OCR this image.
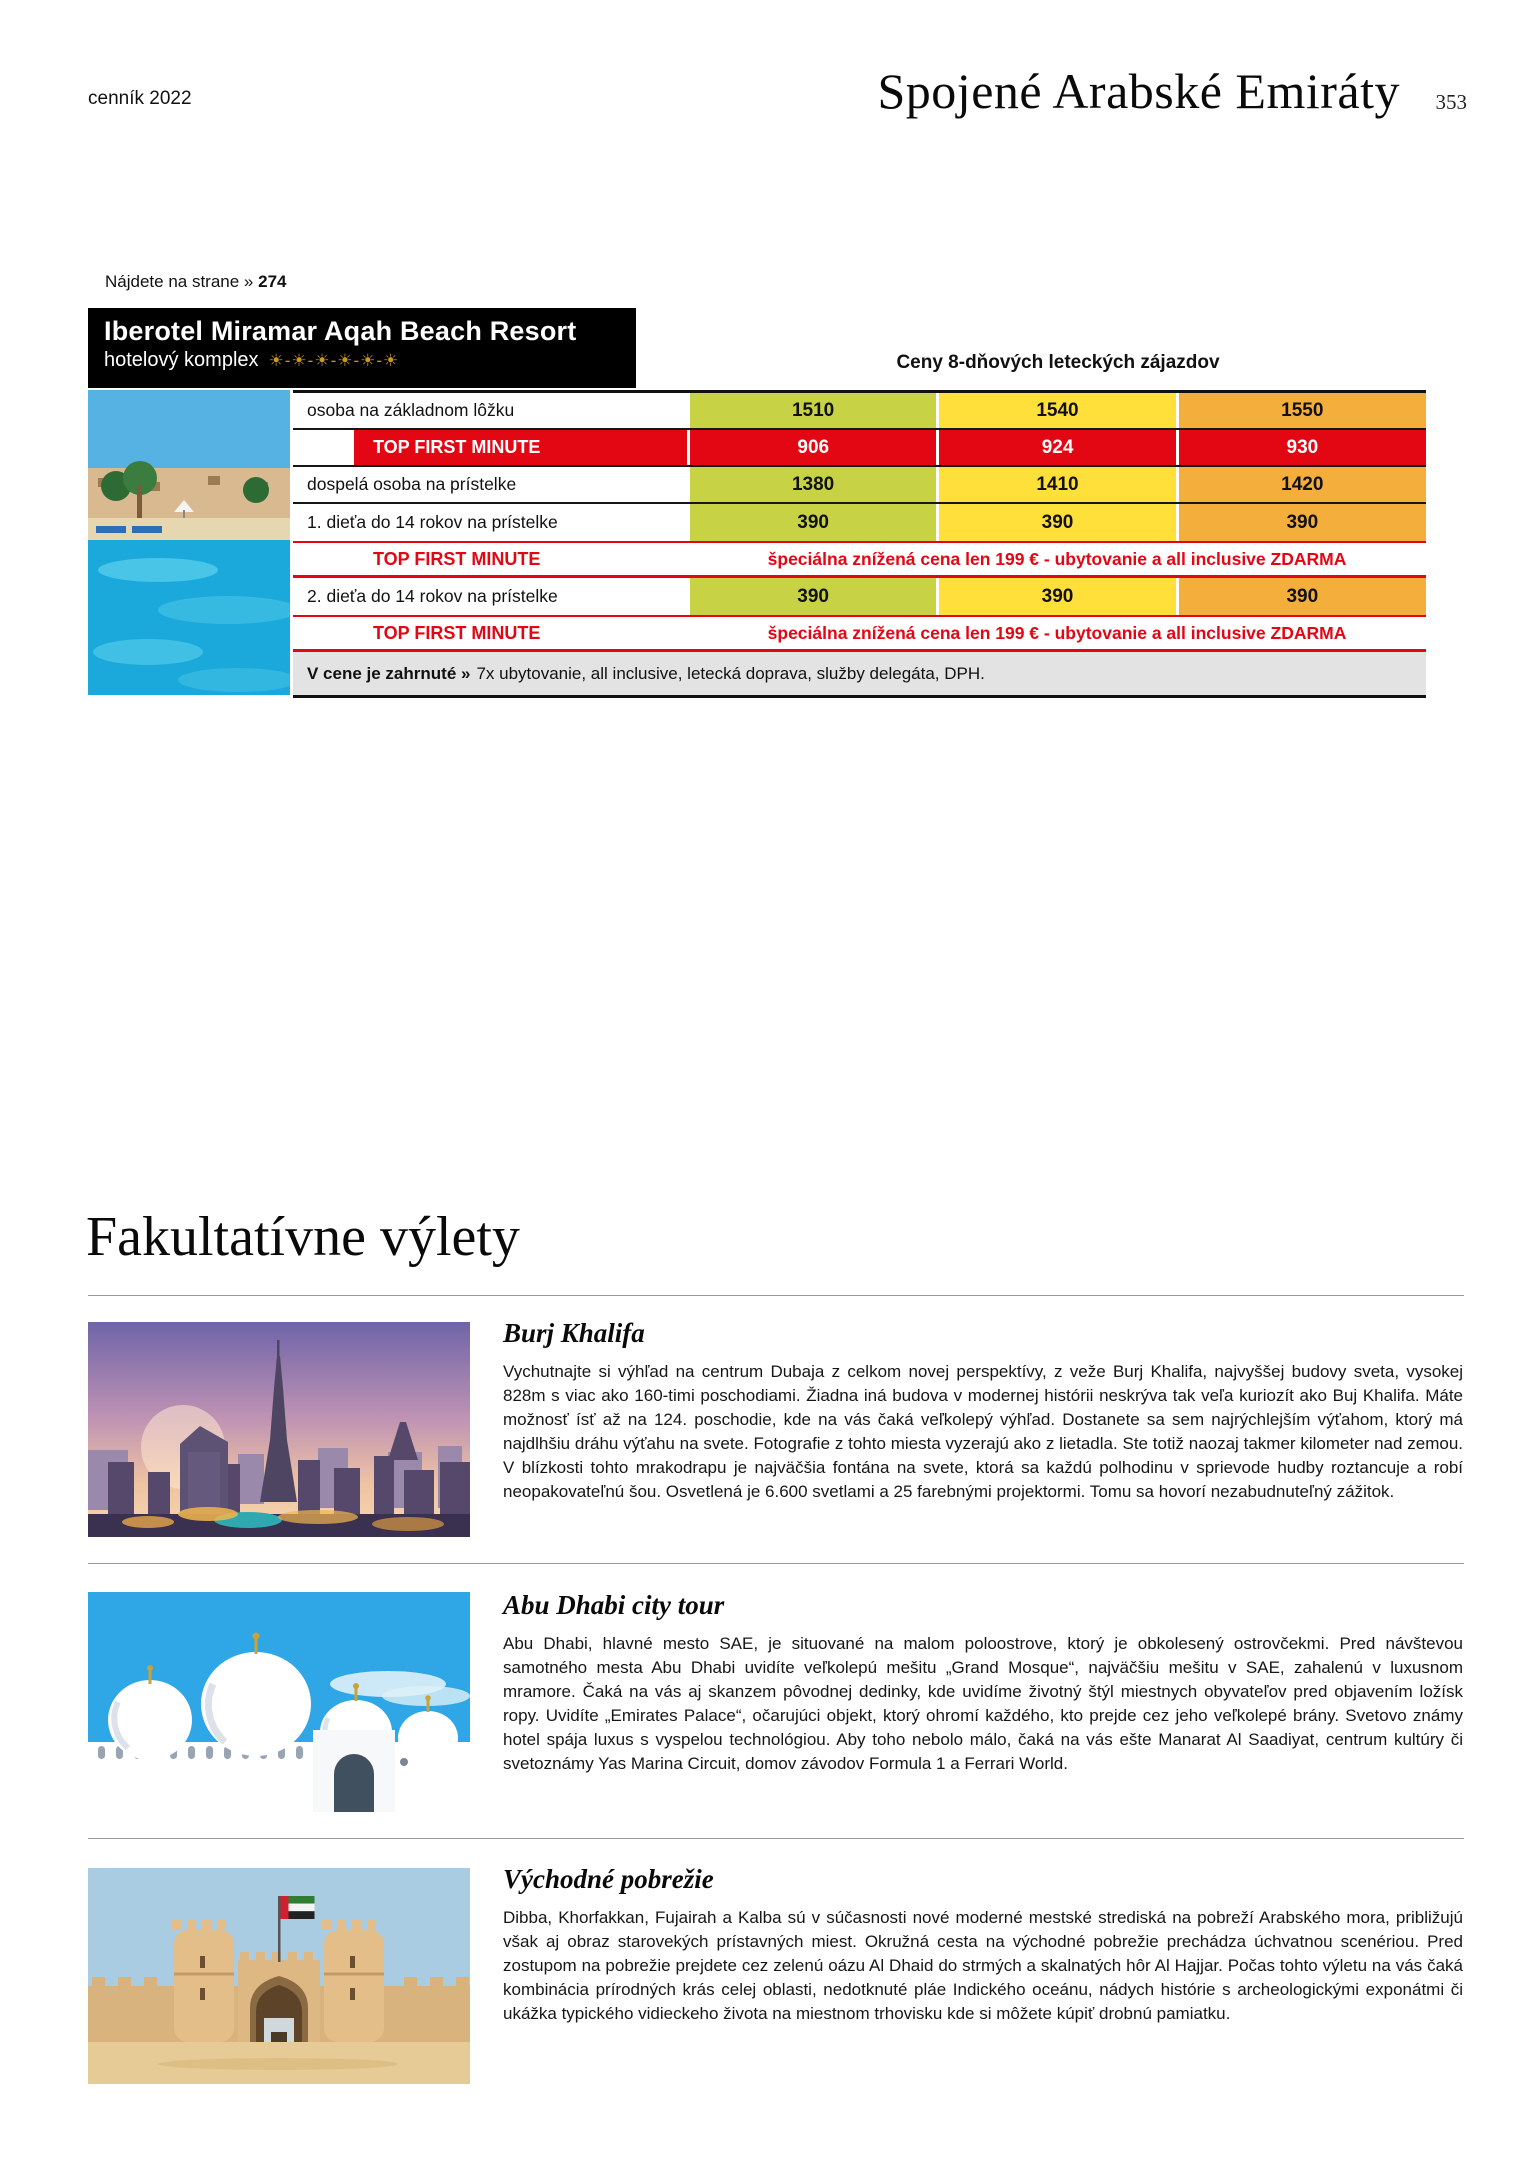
cenník 2022	Spojené Arabské Emiráty 353
Nájdete na strane » 274
Iberotel Miramar Aqah Beach Resort
hotelový komplex ☀-☀-☀-☀-☀-☀	Ceny 8-dňových leteckých zájazdov
osoba na základnom lôžku	1510	1540	1550
TOP FIRST MINUTE	906	924	930
dospelá osoba na prístelke	1380	1410	1420
1. dieťa do 14 rokov na prístelke	390	390	390
TOP FIRST MINUTE	špeciálna znížená cena len 199 € - ubytovanie a all inclusive ZDARMA
2. dieťa do 14 rokov na prístelke	390	390	390
TOP FIRST MINUTE	špeciálna znížená cena len 199 € - ubytovanie a all inclusive ZDARMA
V cene je zahrnuté » 7x ubytovanie, all inclusive, letecká doprava, služby delegáta, DPH.
Fakultatívne výlety
Burj Khalifa
Vychutnajte si výhľad na centrum Dubaja z celkom novej perspektívy, z veže Burj Khalifa, najvyššej budovy sveta, vysokej 828m s viac ako 160-timi poschodiami. Žiadna iná budova v modernej histórii neskrýva tak veľa kuriozít ako Buj Khalifa. Máte možnosť ísť až na 124. poschodie, kde na vás čaká veľkolepý výhľad. Dostanete sa sem najrýchlejším výťahom, ktorý má najdlhšiu dráhu výťahu na svete. Fotografie z tohto miesta vyzerajú ako z lietadla. Ste totiž naozaj takmer kilometer nad zemou. V blízkosti tohto mrakodrapu je najväčšia fontána na svete, ktorá sa každú polhodinu v sprievode hudby roztancuje a robí neopakovateľnú šou. Osvetlená je 6.600 svetlami a 25 farebnými projektormi. Tomu sa hovorí nezabudnuteľný zážitok.
Abu Dhabi city tour
Abu Dhabi, hlavné mesto SAE, je situované na malom poloostrove, ktorý je obkolesený ostrovčekmi. Pred návštevou samotného mesta Abu Dhabi uvidíte veľkolepú mešitu „Grand Mosque“, najväčšiu mešitu v SAE, zahalenú v luxusnom mramore. Čaká na vás aj skanzem pôvodnej dedinky, kde uvidíme životný štýl miestnych obyvateľov pred objavením ložísk ropy. Uvidíte „Emirates Palace“, očarujúci objekt, ktorý ohromí každého, kto prejde cez jeho veľkolepé brány. Svetovo známy hotel spája luxus s vyspelou technológiou. Aby toho nebolo málo, čaká na vás ešte Manarat Al Saadiyat, centrum kultúry či svetoznámy Yas Marina Circuit, domov závodov Formula 1 a Ferrari World.
Východné pobrežie
Dibba, Khorfakkan, Fujairah a Kalba sú v súčasnosti nové moderné mestské strediská na pobreží Arabského mora, približujú však aj obraz starovekých prístavných miest. Okružná cesta na východné pobrežie prechádza úchvatnou scenériou. Pred zostupom na pobrežie prejdete cez zelenú oázu Al Dhaid do strmých a skalnatých hôr Al Hajjar. Počas tohto výletu na vás čaká kombinácia prírodných krás celej oblasti, nedotknuté pláe Indického oceánu, nádych histórie s archeologickými exponátmi či ukážka typického vidieckeho života na miestnom trhovisku kde si môžete kúpiť drobnú pamiatku.
